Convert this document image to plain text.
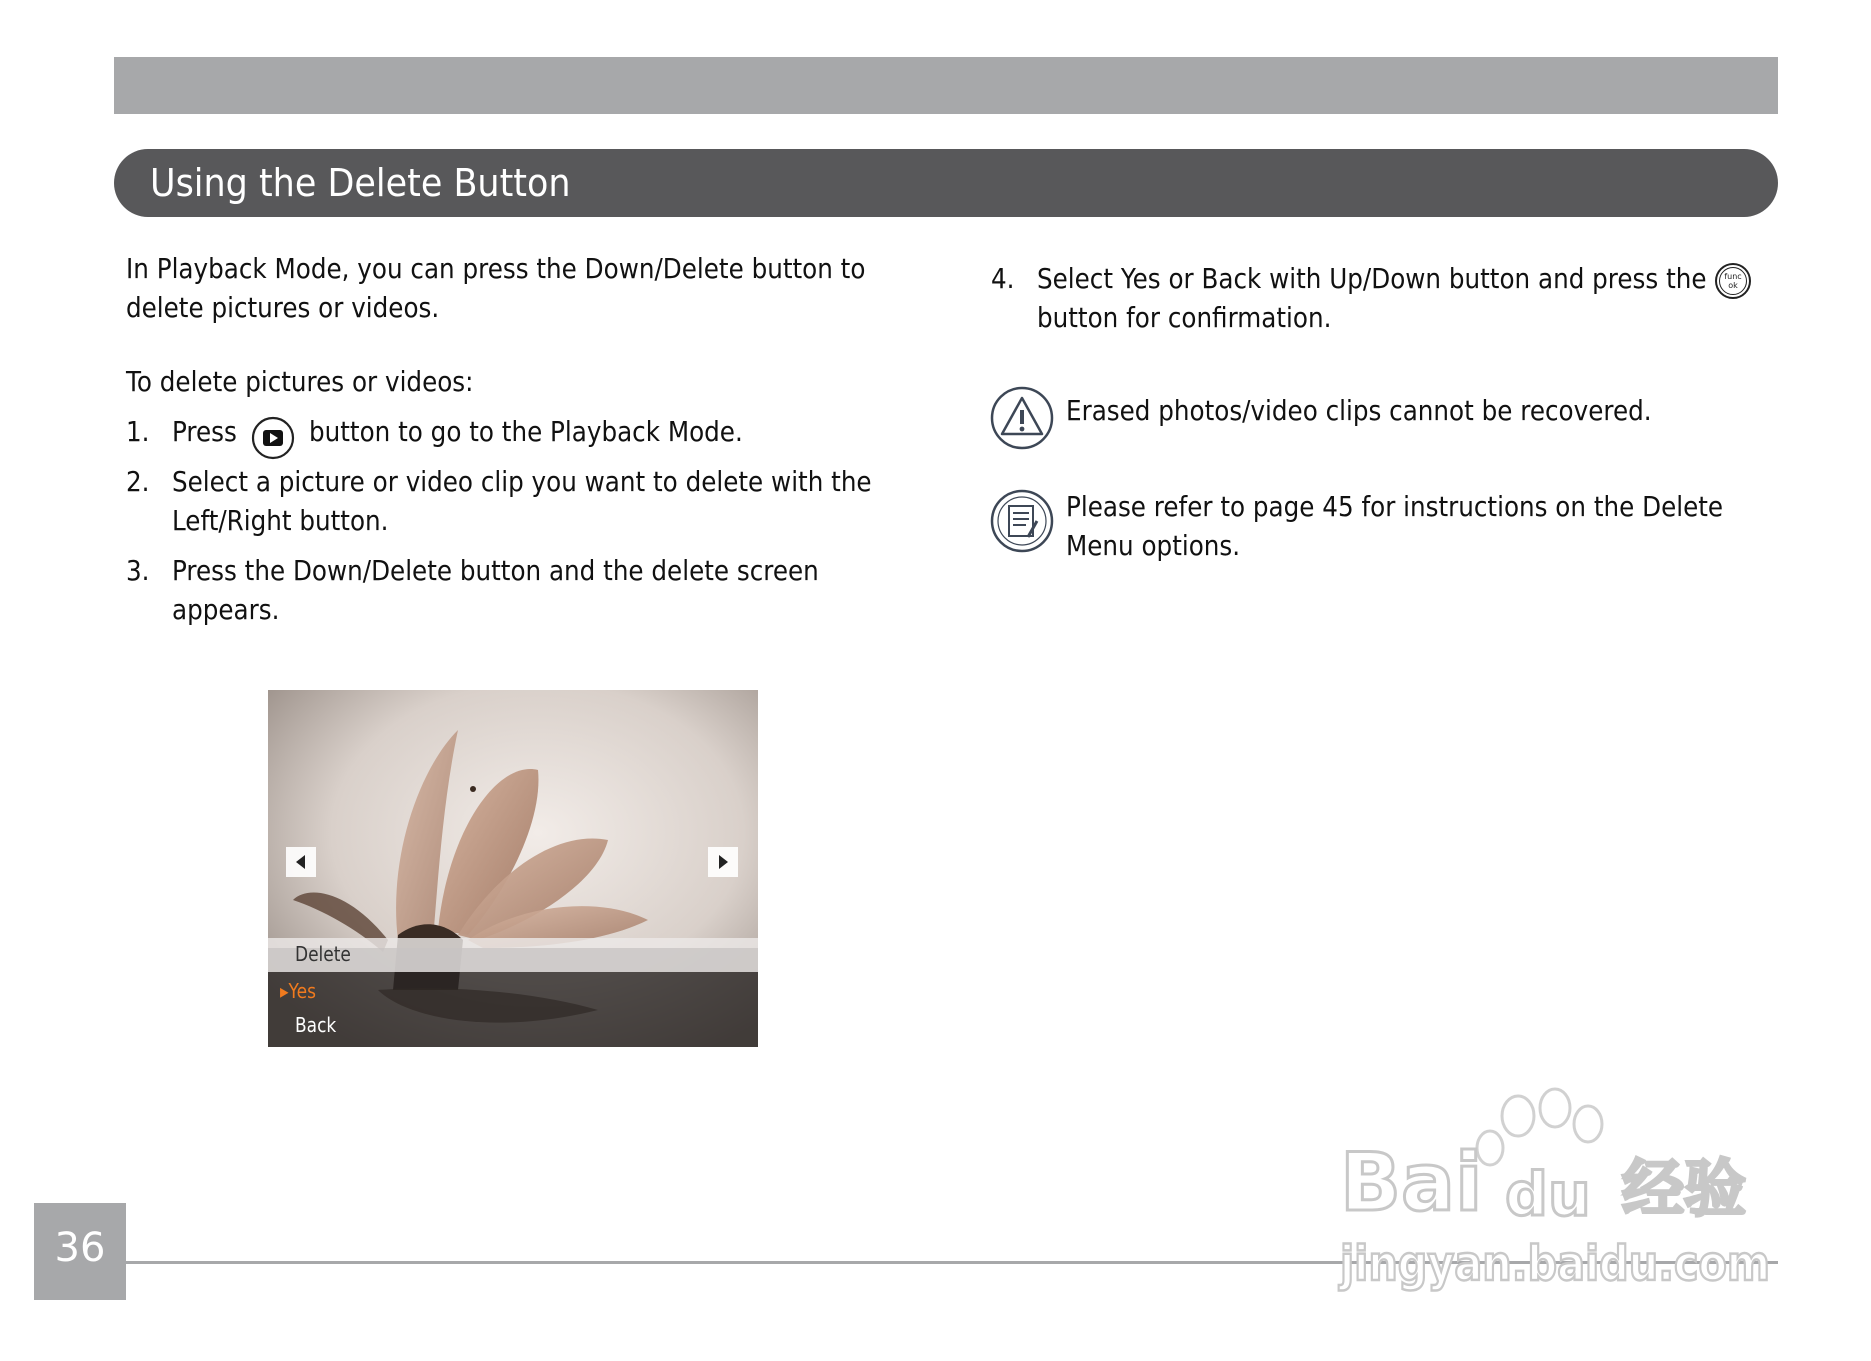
Using the Delete Button
In Playback Mode, you can press the Down/Delete button to
delete pictures or videos.
To delete pictures or videos:
1. Press	button to go to the Playback Mode.
2. Select a picture or video clip you want to delete with the
Left/Right button.
3. Press the Down/Delete button and the delete screen
appears.
Delete
▸Yes
Back
4. Select Yes or Back with Up/Down button and press the func
ok
button for confirmation.
Erased photos/video clips cannot be recovered.
Please refer to page 45 for instructions on the Delete
Menu options.
36
Bai du 经验
jingyan.baidu.com
